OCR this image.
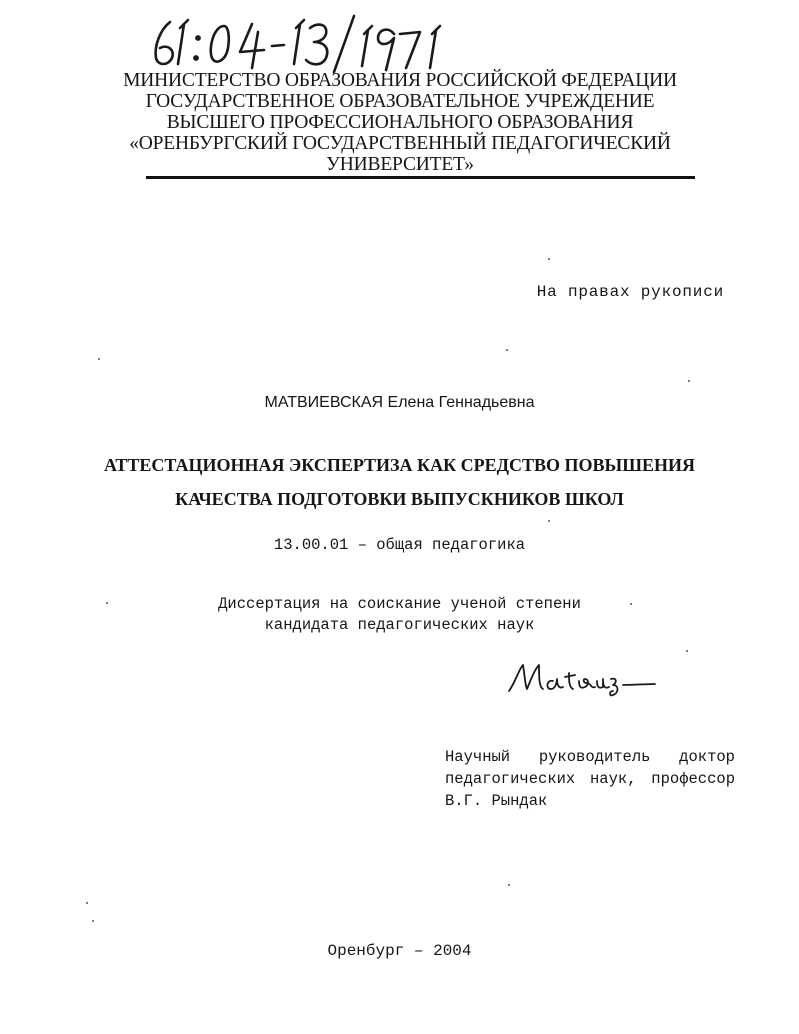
МИНИСТЕРСТВО ОБРАЗОВАНИЯ РОССИЙСКОЙ ФЕДЕРАЦИИ
ГОСУДАРСТВЕННОЕ ОБРАЗОВАТЕЛЬНОЕ УЧРЕЖДЕНИЕ
ВЫСШЕГО ПРОФЕССИОНАЛЬНОГО ОБРАЗОВАНИЯ
«ОРЕНБУРГСКИЙ ГОСУДАРСТВЕННЫЙ ПЕДАГОГИЧЕСКИЙ
УНИВЕРСИТЕТ»
На правах рукописи
МАТВИЕВСКАЯ Елена Геннадьевна
АТТЕСТАЦИОННАЯ ЭКСПЕРТИЗА КАК СРЕДСТВО ПОВЫШЕНИЯ
КАЧЕСТВА ПОДГОТОВКИ ВЫПУСКНИКОВ ШКОЛ
13.00.01 – общая педагогика
Диссертация на соискание ученой степени
кандидата педагогических наук
Научный руководитель доктор
педагогических наук, профессор
В.Г. Рындак
Оренбург – 2004
